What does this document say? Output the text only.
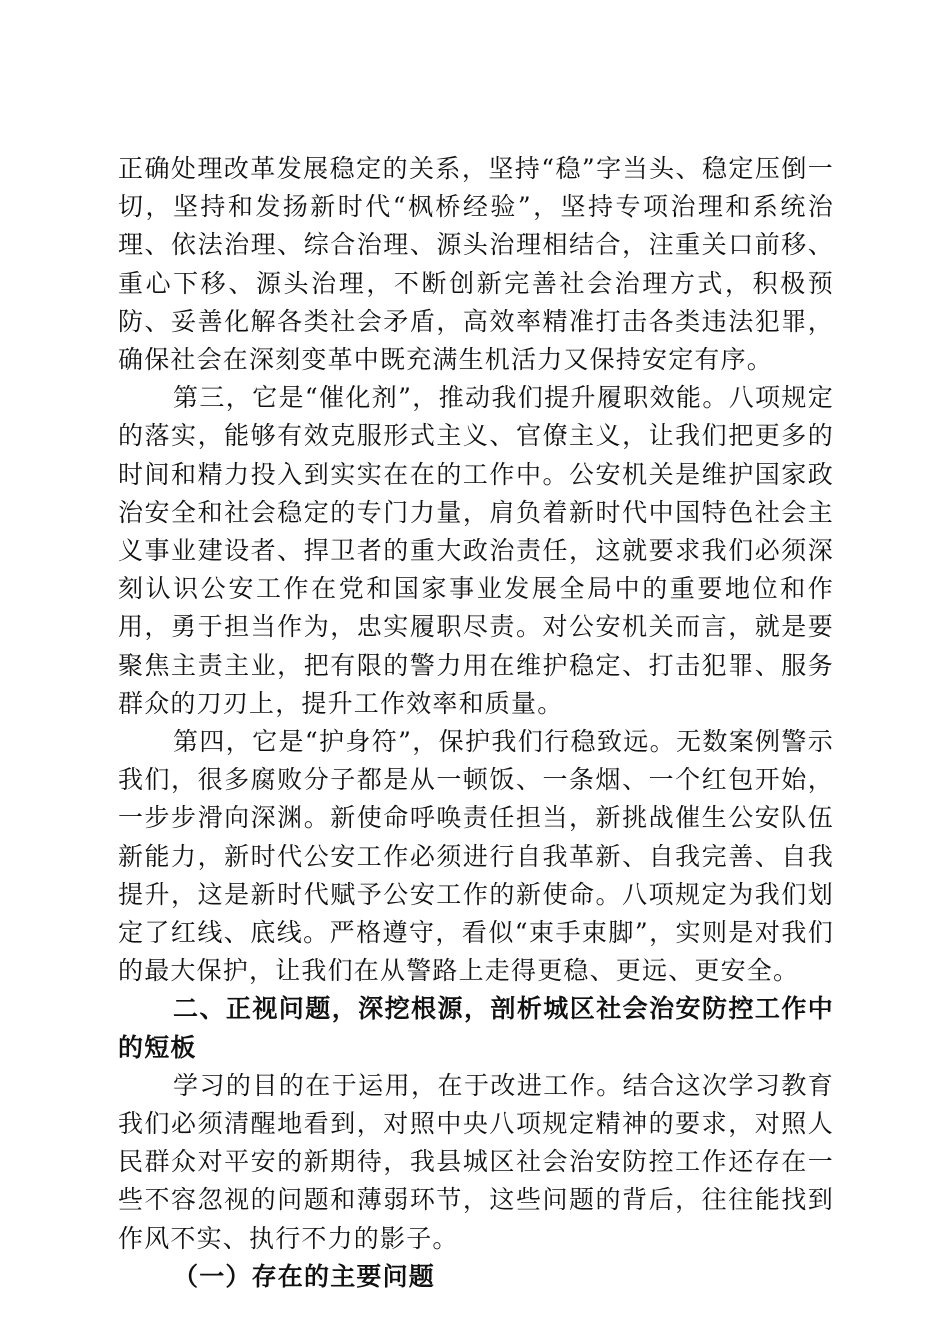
正确处理改革发展稳定的关系，坚持“稳”字当头、稳定压倒一切，坚持和发扬新时代“枫桥经验”，坚持专项治理和系统治理、依法治理、综合治理、源头治理相结合，注重关口前移、重心下移、源头治理，不断创新完善社会治理方式，积极预防、妥善化解各类社会矛盾，高效率精准打击各类违法犯罪，确保社会在深刻变革中既充满生机活力又保持安定有序。

第三，它是“催化剂”，推动我们提升履职效能。八项规定的落实，能够有效克服形式主义、官僚主义，让我们把更多的时间和精力投入到实实在在的工作中。公安机关是维护国家政治安全和社会稳定的专门力量，肩负着新时代中国特色社会主义事业建设者、捍卫者的重大政治责任，这就要求我们必须深刻认识公安工作在党和国家事业发展全局中的重要地位和作用，勇于担当作为，忠实履职尽责。对公安机关而言，就是要聚焦主责主业，把有限的警力用在维护稳定、打击犯罪、服务群众的刀刃上，提升工作效率和质量。

第四，它是“护身符”，保护我们行稳致远。无数案例警示我们，很多腐败分子都是从一顿饭、一条烟、一个红包开始，一步步滑向深渊。新使命呼唤责任担当，新挑战催生公安队伍新能力，新时代公安工作必须进行自我革新、自我完善、自我提升，这是新时代赋予公安工作的新使命。八项规定为我们划定了红线、底线。严格遵守，看似“束手束脚”，实则是对我们的最大保护，让我们在从警路上走得更稳、更远、更安全。

二、正视问题，深挖根源，剖析城区社会治安防控工作中的短板

学习的目的在于运用，在于改进工作。结合这次学习教育我们必须清醒地看到，对照中央八项规定精神的要求，对照人民群众对平安的新期待，我县城区社会治安防控工作还存在一些不容忽视的问题和薄弱环节，这些问题的背后，往往能找到作风不实、执行不力的影子。

（一）存在的主要问题
